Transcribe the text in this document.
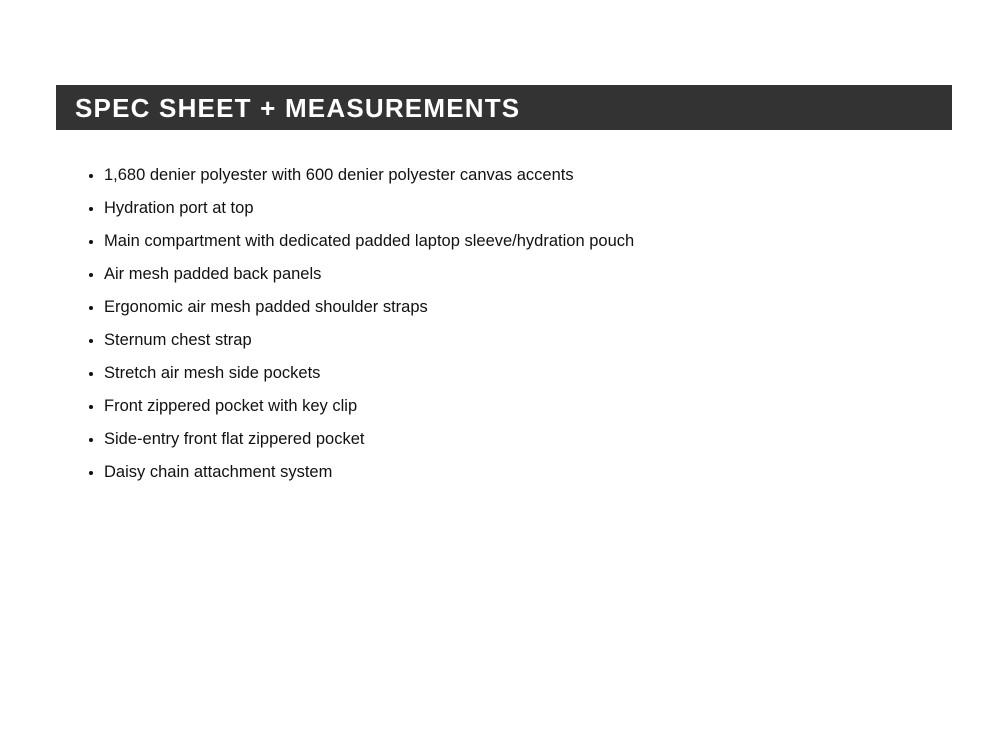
SPEC SHEET + MEASUREMENTS
1,680 denier polyester with 600 denier polyester canvas accents
Hydration port at top
Main compartment with dedicated padded laptop sleeve/hydration pouch
Air mesh padded back panels
Ergonomic air mesh padded shoulder straps
Sternum chest strap
Stretch air mesh side pockets
Front zippered pocket with key clip
Side-entry front flat zippered pocket
Daisy chain attachment system
